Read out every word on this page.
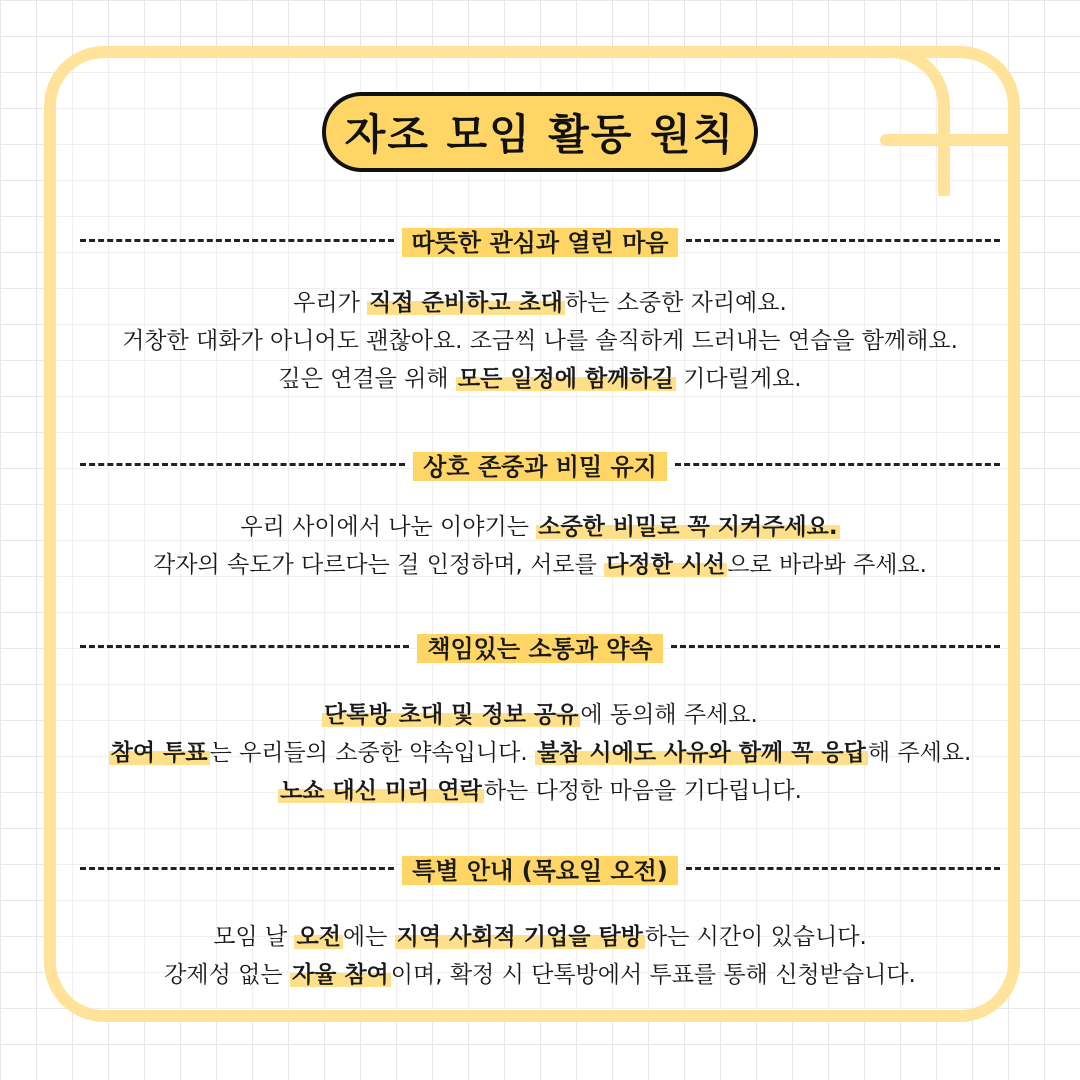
자조 모임 활동 원칙
따뜻한 관심과 열린 마음
우리가 직접 준비하고 초대하는 소중한 자리예요.
거창한 대화가 아니어도 괜찮아요. 조금씩 나를 솔직하게 드러내는 연습을 함께해요.
깊은 연결을 위해 모든 일정에 함께하길 기다릴게요.
상호 존중과 비밀 유지
우리 사이에서 나눈 이야기는 소중한 비밀로 꼭 지켜주세요.
각자의 속도가 다르다는 걸 인정하며, 서로를 다정한 시선으로 바라봐 주세요.
책임있는 소통과 약속
단톡방 초대 및 정보 공유에 동의해 주세요.
참여 투표는 우리들의 소중한 약속입니다. 불참 시에도 사유와 함께 꼭 응답해 주세요.
노쇼 대신 미리 연락하는 다정한 마음을 기다립니다.
특별 안내 (목요일 오전)
모임 날 오전에는 지역 사회적 기업을 탐방하는 시간이 있습니다.
강제성 없는 자율 참여이며, 확정 시 단톡방에서 투표를 통해 신청받습니다.
